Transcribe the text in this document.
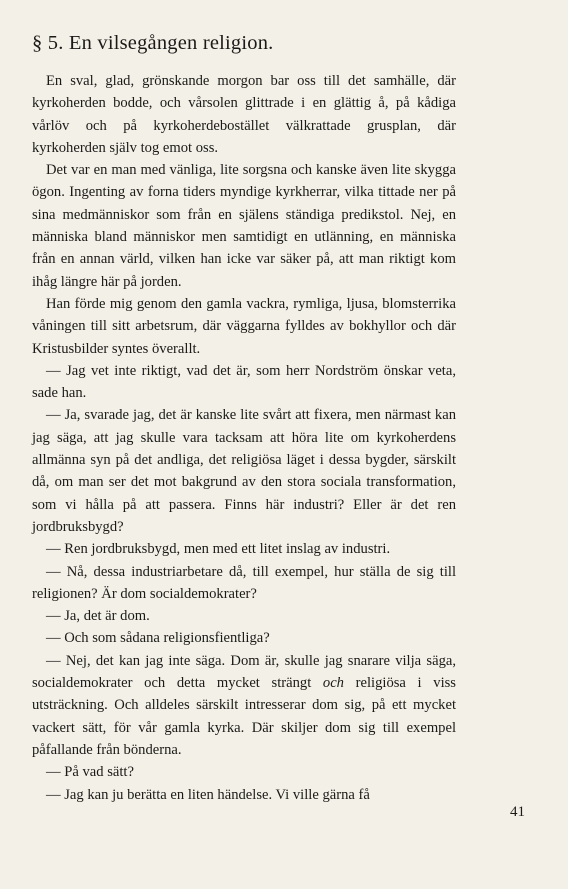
§ 5. En vilsegången religion.

En sval, glad, grönskande morgon bar oss till det samhälle, där kyrkoherden bodde, och vårsolen glittrade i en glättig å, på kådiga vårlöv och på kyrkoherdebostället välkrattade grusplan, där kyrkoherden själv tog emot oss.

Det var en man med vänliga, lite sorgsna och kanske även lite skygga ögon. Ingenting av forna tiders myndige kyrkherrar, vilka tittade ner på sina medmänniskor som från en själens ständiga predikstol. Nej, en människa bland människor men samtidigt en utlänning, en människa från en annan värld, vilken han icke var säker på, att man riktigt kom ihåg längre här på jorden.

Han förde mig genom den gamla vackra, rymliga, ljusa, blomsterrika våningen till sitt arbetsrum, där väggarna fylldes av bokhyllor och där Kristusbilder syntes överallt.

— Jag vet inte riktigt, vad det är, som herr Nordström önskar veta, sade han.

— Ja, svarade jag, det är kanske lite svårt att fixera, men närmast kan jag säga, att jag skulle vara tacksam att höra lite om kyrkoherdens allmänna syn på det andliga, det religiösa läget i dessa bygder, särskilt då, om man ser det mot bakgrund av den stora sociala transformation, som vi hålla på att passera. Finns här industri? Eller är det ren jordbruksbygd?

— Ren jordbruksbygd, men med ett litet inslag av industri.

— Nå, dessa industriarbetare då, till exempel, hur ställa de sig till religionen? Är dom socialdemokrater?

— Ja, det är dom.

— Och som sådana religionsfientliga?

— Nej, det kan jag inte säga. Dom är, skulle jag snarare vilja säga, socialdemokrater och detta mycket strängt och religiösa i viss utsträckning. Och alldeles särskilt intresserar dom sig, på ett mycket vackert sätt, för vår gamla kyrka. Där skiljer dom sig till exempel påfallande från bönderna.

— På vad sätt?

— Jag kan ju berätta en liten händelse. Vi ville gärna få

41
